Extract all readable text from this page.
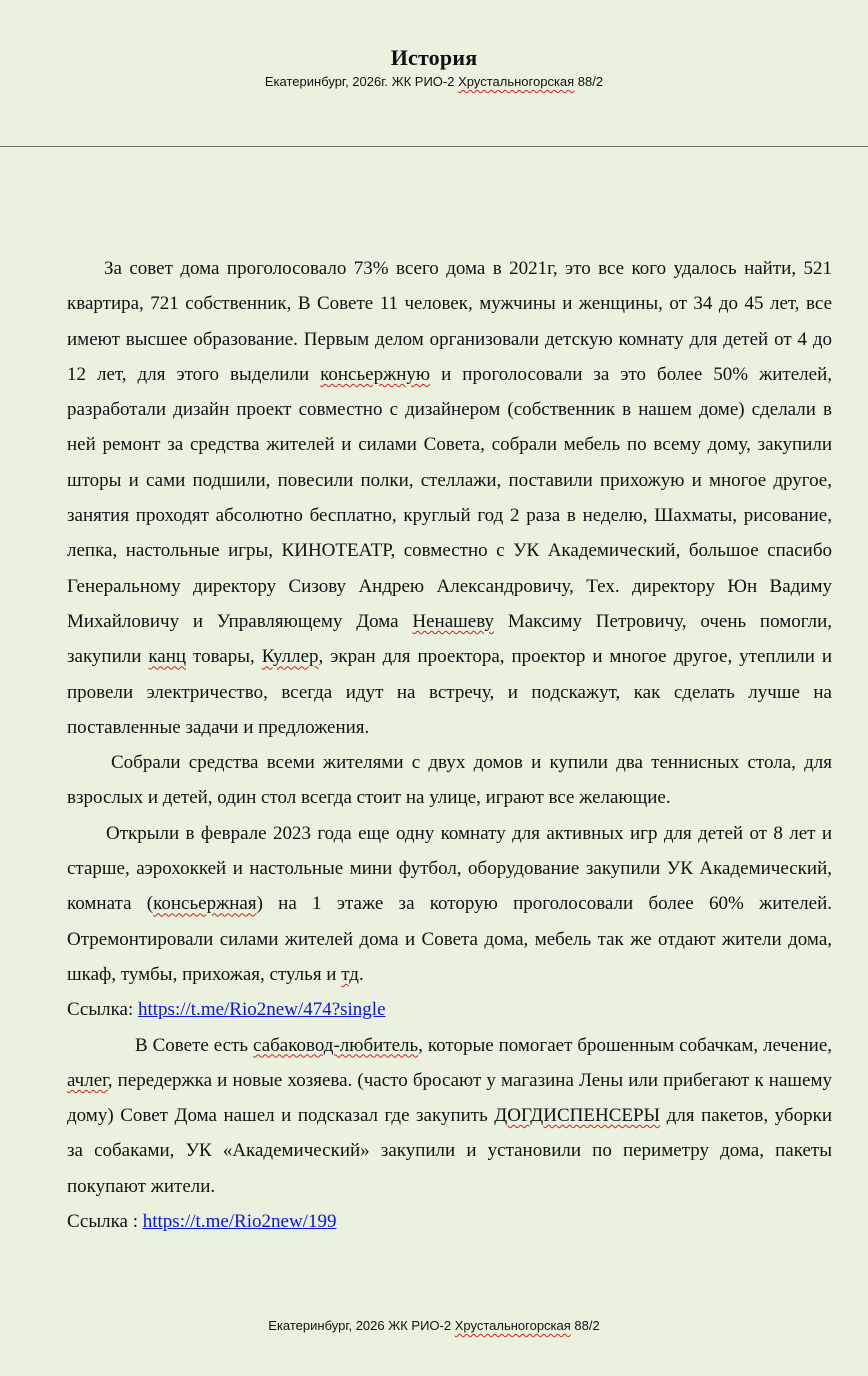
История
Екатеринбург, 2026г. ЖК РИО-2 Хрустальногорская 88/2

За совет дома проголосовало 73% всего дома в 2021г, это все кого удалось найти, 521 квартира, 721 собственник, В Совете 11 человек, мужчины и женщины, от 34 до 45 лет, все имеют высшее образование. Первым делом организовали детскую комнату для детей от 4 до 12 лет, для этого выделили консьержную и проголосовали за это более 50% жителей, разработали дизайн проект совместно с дизайнером (собственник в нашем доме) сделали в ней ремонт за средства жителей и силами Совета, собрали мебель по всему дому, закупили шторы и сами подшили, повесили полки, стеллажи, поставили прихожую и многое другое, занятия проходят абсолютно бесплатно, круглый год 2 раза в неделю, Шахматы, рисование, лепка, настольные игры, КИНОТЕАТР, совместно с УК Академический, большое спасибо Генеральному директору Сизову Андрею Александровичу, Тех. директору Юн Вадиму Михайловичу и Управляющему Дома Ненашеву Максиму Петровичу, очень помогли, закупили канц товары, Куллер, экран для проектора, проектор и многое другое, утеплили и провели электричество, всегда идут на встречу, и подскажут, как сделать лучше на поставленные задачи и предложения.

Собрали средства всеми жителями с двух домов и купили два теннисных стола, для взрослых и детей, один стол всегда стоит на улице, играют все желающие.

Открыли в феврале 2023 года еще одну комнату для активных игр для детей от 8 лет и старше, аэрохоккей и настольные мини футбол, оборудование закупили УК Академический, комната (консьержная) на 1 этаже за которую проголосовали более 60% жителей. Отремонтировали силами жителей дома и Совета дома, мебель так же отдают жители дома, шкаф, тумбы, прихожая, стулья и тд.

Ссылка: https://t.me/Rio2new/474?single

В Совете есть сабаковод-любитель, которые помогает брошенным собачкам, лечение, ачлег, передержка и новые хозяева. (часто бросают у магазина Лены или прибегают к нашему дому) Совет Дома нашел и подсказал где закупить ДОГДИСПЕНСЕРЫ для пакетов, уборки за собаками, УК «Академический» закупили и установили по периметру дома, пакеты покупают жители.

Ссылка : https://t.me/Rio2new/199

Екатеринбург, 2026 ЖК РИО-2 Хрустальногорская 88/2
